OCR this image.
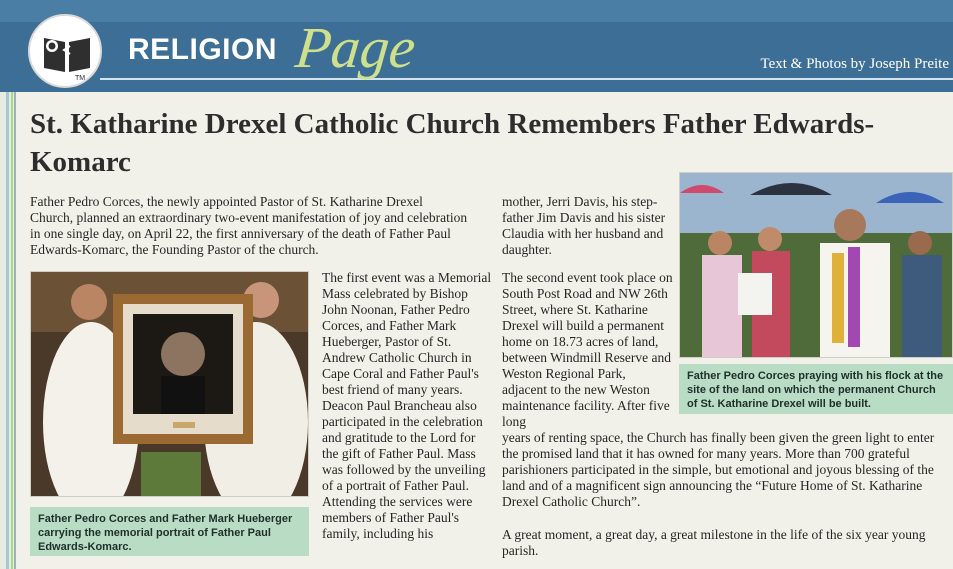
TM
RELIGION Page	Text & Photos by Joseph Preite
St. Katharine Drexel Catholic Church Remembers Father Edwards-Komarc

Father Pedro Corces, the newly appointed Pastor of St. Katharine Drexel Church, planned an extraordinary two-event manifestation of joy and celebration in one single day, on April 22, the first anniversary of the death of Father Paul Edwards-Komarc, the Founding Pastor of the church.

Father Pedro Corces and Father Mark Hueberger carrying the memorial portrait of Father Paul Edwards-Komarc.

The first event was a Memorial Mass celebrated by Bishop John Noonan, Father Pedro Corces, and Father Mark Hueberger, Pastor of St. Andrew Catholic Church in Cape Coral and Father Paul's best friend of many years. Deacon Paul Brancheau also participated in the celebration and gratitude to the Lord for the gift of Father Paul. Mass was followed by the unveiling of a portrait of Father Paul. Attending the services were members of Father Paul's family, including his

mother, Jerri Davis, his step-father Jim Davis and his sister Claudia with her husband and daughter.

The second event took place on South Post Road and NW 26th Street, where St. Katharine Drexel will build a permanent home on 18.73 acres of land, between Windmill Reserve and Weston Regional Park, adjacent to the new Weston maintenance facility. After five long

years of renting space, the Church has finally been given the green light to enter the promised land that it has owned for many years. More than 700 grateful parishioners participated in the simple, but emotional and joyous blessing of the land and of a magnificent sign announcing the “Future Home of St. Katharine Drexel Catholic Church”.

A great moment, a great day, a great milestone in the life of the six year young parish.

Father Pedro Corces praying with his flock at the site of the land on which the permanent Church of St. Katharine Drexel will be built.
